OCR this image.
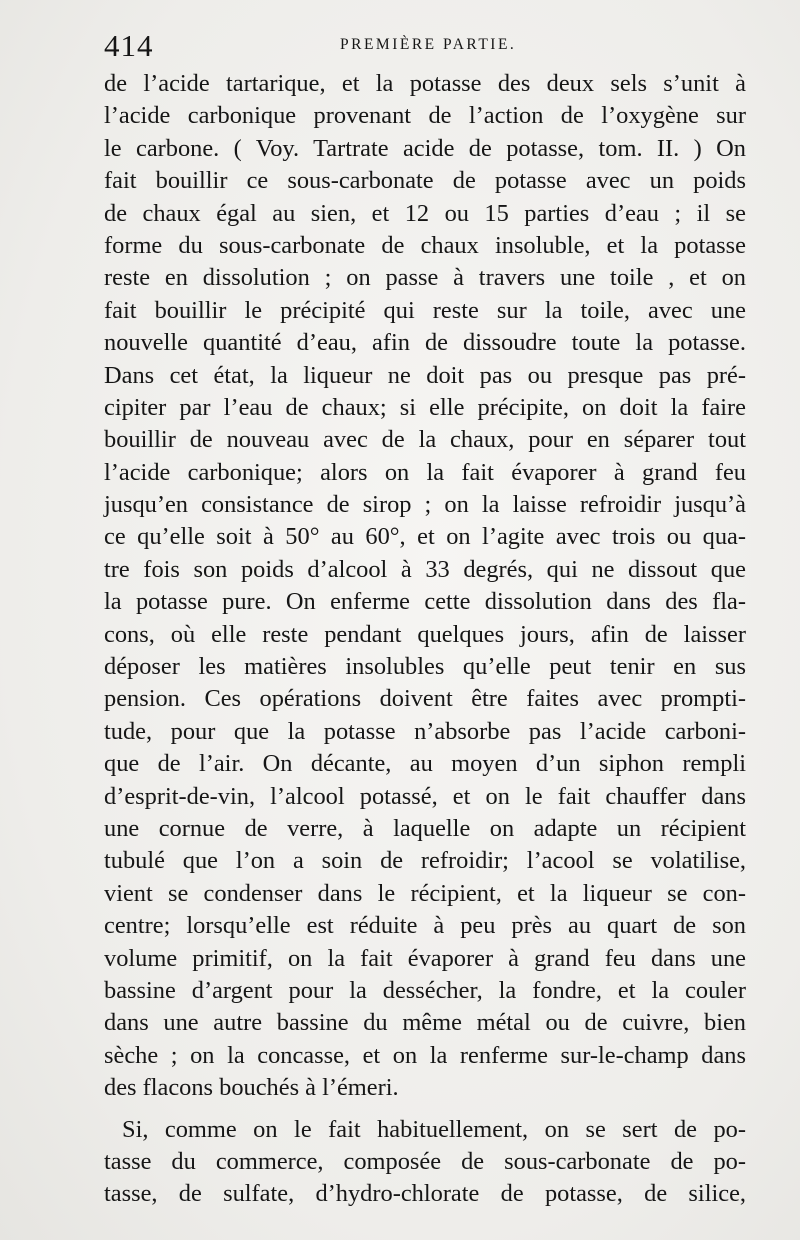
414	PREMIÈRE PARTIE.
de l’acide tartarique, et la potasse des deux sels s’unit à
l’acide carbonique provenant de l’action de l’oxygène sur
le carbone. ( Voy. Tartrate acide de potasse, tom. II. ) On
fait bouillir ce sous-carbonate de potasse avec un poids
de chaux égal au sien, et 12 ou 15 parties d’eau ; il se
forme du sous-carbonate de chaux insoluble, et la potasse
reste en dissolution ; on passe à travers une toile , et on
fait bouillir le précipité qui reste sur la toile, avec une
nouvelle quantité d’eau, afin de dissoudre toute la potasse.
Dans cet état, la liqueur ne doit pas ou presque pas pré-
cipiter par l’eau de chaux; si elle précipite, on doit la faire
bouillir de nouveau avec de la chaux, pour en séparer tout
l’acide carbonique; alors on la fait évaporer à grand feu
jusqu’en consistance de sirop ; on la laisse refroidir jusqu’à
ce qu’elle soit à 50° au 60°, et on l’agite avec trois ou qua-
tre fois son poids d’alcool à 33 degrés, qui ne dissout que
la potasse pure. On enferme cette dissolution dans des fla-
cons, où elle reste pendant quelques jours, afin de laisser
déposer les matières insolubles qu’elle peut tenir en sus
pension. Ces opérations doivent être faites avec prompti-
tude, pour que la potasse n’absorbe pas l’acide carboni-
que de l’air. On décante, au moyen d’un siphon rempli
d’esprit-de-vin, l’alcool potassé, et on le fait chauffer dans
une cornue de verre, à laquelle on adapte un récipient
tubulé que l’on a soin de refroidir; l’acool se volatilise,
vient se condenser dans le récipient, et la liqueur se con-
centre; lorsqu’elle est réduite à peu près au quart de son
volume primitif, on la fait évaporer à grand feu dans une
bassine d’argent pour la dessécher, la fondre, et la couler
dans une autre bassine du même métal ou de cuivre, bien
sèche ; on la concasse, et on la renferme sur-le-champ dans
des flacons bouchés à l’émeri.
Si, comme on le fait habituellement, on se sert de po-
tasse du commerce, composée de sous-carbonate de po-
tasse, de sulfate, d’hydro-chlorate de potasse, de silice,
